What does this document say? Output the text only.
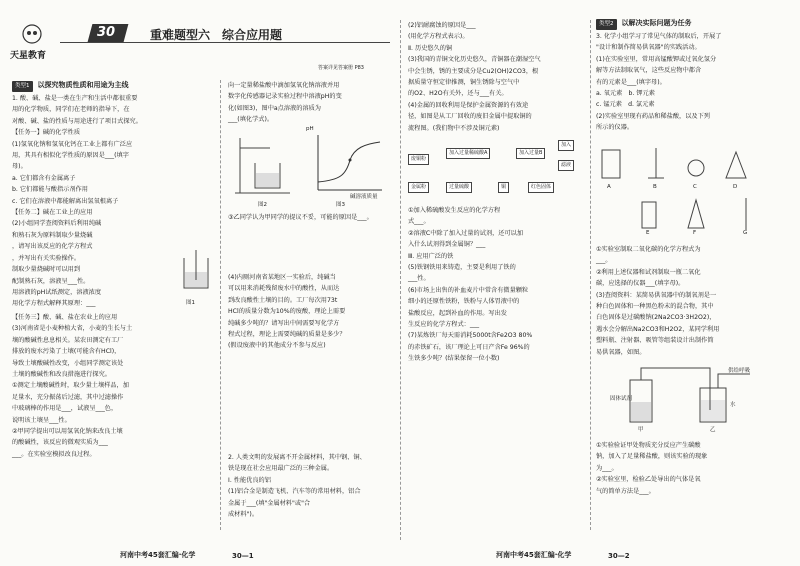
天星教育
30	重难题型六　综合应用题
答案详见答案册 P83
类型1 以探究物质性质和用途为主线
1. 酸、碱、盐是一类在生产和生活中都很重要
用的化学物质，同学们在老师的指导下，在
对酸、碱、盐的性质与用途进行了项目式探究。
【任务一】碱的化学性质
(1)氢氧化钠和氢氧化钙在工业上都有广泛应
用，其具有相似化学性质的原因是___(填字
母)。
a. 它们都含有金属离子
b. 它们都能与酸指示剂作用
c. 它们在溶液中都能解离出氢氧根离子
【任务二】碱在工业上的应用
(2)小组同学查阅资料后利用纯碱
和熟石灰为原料制取少量烧碱
，请写出该反应的化学方程式
，并写出有关实验操作。
制取少量烧碱时可以用到
配制熟石灰，溶液呈___性。
用溶液的pH试纸测定，溶液浓度
用化学方程式解释其原理：___	图1
【任务三】酸、碱、盐在农业上的应用
(3)河南省是小麦种植大省，小麦的生长与土
壤的酸碱性息息相关。某农田测定有工厂
排放的废水污染了土壤(可能含有HCl)，
导致土壤酸碱性改变，小组同学测定该处
土壤的酸碱性和改良措施进行探究。
①测定土壤酸碱性时，取少量土壤样品，加
足量水，充分振荡后过滤，其中过滤操作
中玻璃棒的作用是___，试液呈___色，
说明该土壤呈___性。
②甲同学提出可以用氢氧化钠来改良土壤
的酸碱性，该反应的微观实质为___
___。在实验室模拟改良过程。
向一定量稀盐酸中滴加氢氧化钠溶液并用
数字化传感器记录实验过程中溶液pH的变
化(如图3)，图中a点溶液的溶质为
___(填化学式)。
图2
pH
碱溶液质量
图3
③乙同学认为甲同学的提议不妥，可能的原因是___。
(4)内厕河南省某地区一实验后，纯碱当
可以用来消耗残留废水中的酸性，从而达
到改良酸性土壤的目的。工厂每次用73t
HCl的质量分数为10%的废酸，理论上需要
纯碱多少吨的？请写出中间需要写化学方
程式过程，理论上需要纯碱的质量是多少？
(假设废液中的其他成分不参与反应)
2. 人类文明的发展离不开金属材料，其中钢、铜、
铁是现在社会应用最广泛的三种金属。
Ⅰ. 性能优良的铝
(1)铝合金是制造飞机、汽车等的常用材料，铝合
金属于___(填"金属材料"或"合
成材料")。
(2)铝耐腐蚀的原因是___
(用化学方程式表示)。
Ⅱ. 历史悠久的铜
(3)我国的青铜文化历史悠久，青铜器在潮湿空气
中会生锈，锈的主要成分是Cu2(OH)2CO3，根
据质量守恒定律推测，铜生锈除与空气中
的O2、H2O有关外，还与___有关。
(4)金属的回收利用是保护金属资源的有效途
径，如图是从工厂回收的废旧金属中提取铜的
流程图。(我们物中不涉及铜元素)
废铜粉
加入过量稀硫酸A	加入过量B
滤液
加入
金属粉	过量硫酸	铜	红色固体
①加入稀硫酸发生反应的化学方程
式___。
②溶液C中除了加入过量的试剂，还可以加
入什么试剂得到金属铜？___
Ⅲ. 应用广泛的铁
(5)铁钢铁用来铸造，主要是利用了铁的
___性。
(6)市场上出售的补血麦片中常含有微量颗粒
细小的还原性铁粉，铁粉与人体胃液中的
盐酸反应，起到补血的作用。写出发
生反应的化学方程式：___
(7)某炼铁厂每天需消耗5000t含Fe2O3 80%
的赤铁矿石，该厂理论上可日产含Fe 96%的
生铁多少吨？(结果保留一位小数)
类型2 以解决实际问题为任务
3. 化学小组学习了常见气体的制取后，开展了
"设计和制作简易供氧器"的实践活动。
(1)在实验室里，常用高锰酸钾或过氧化氢分
解等方法制取氧气，这些反应物中都含
有的元素是___(填字母)。
a. 氧元素　b. 钾元素
c. 锰元素　d. 氯元素
(2)实验室里现有药品和稀盐酸，以及下列
所示的仪器。
A	B	C	D
E	F	G
①实验室制取二氧化碳的化学方程式为
___。
②利用上述仪器和试剂制取一瓶二氧化
碳，应选择的仪器___(填字母)。
(3)查阅资料：某简易供氧器中的制氧剂是一
种白色固体和一种黑色粉末的混合物，其中
白色固体是过碳酸钠(2Na2CO3·3H2O2)，
遇水会分解出Na2CO3和H2O2，某同学利用
塑料瓶、注射器、吸管等组装设计出制作简
易供氧器，如图。
供给呼吸
固体试剂
水
甲	乙
①实验验证甲处物质充分反应产生碳酸
钠，加入了足量稀盐酸，则该实验的现象
为___。
②实验室里，检验乙处导出的气体是氧
气的简单方法是___。
河南中考45套汇编·化学	30—1	河南中考45套汇编·化学	30—2
